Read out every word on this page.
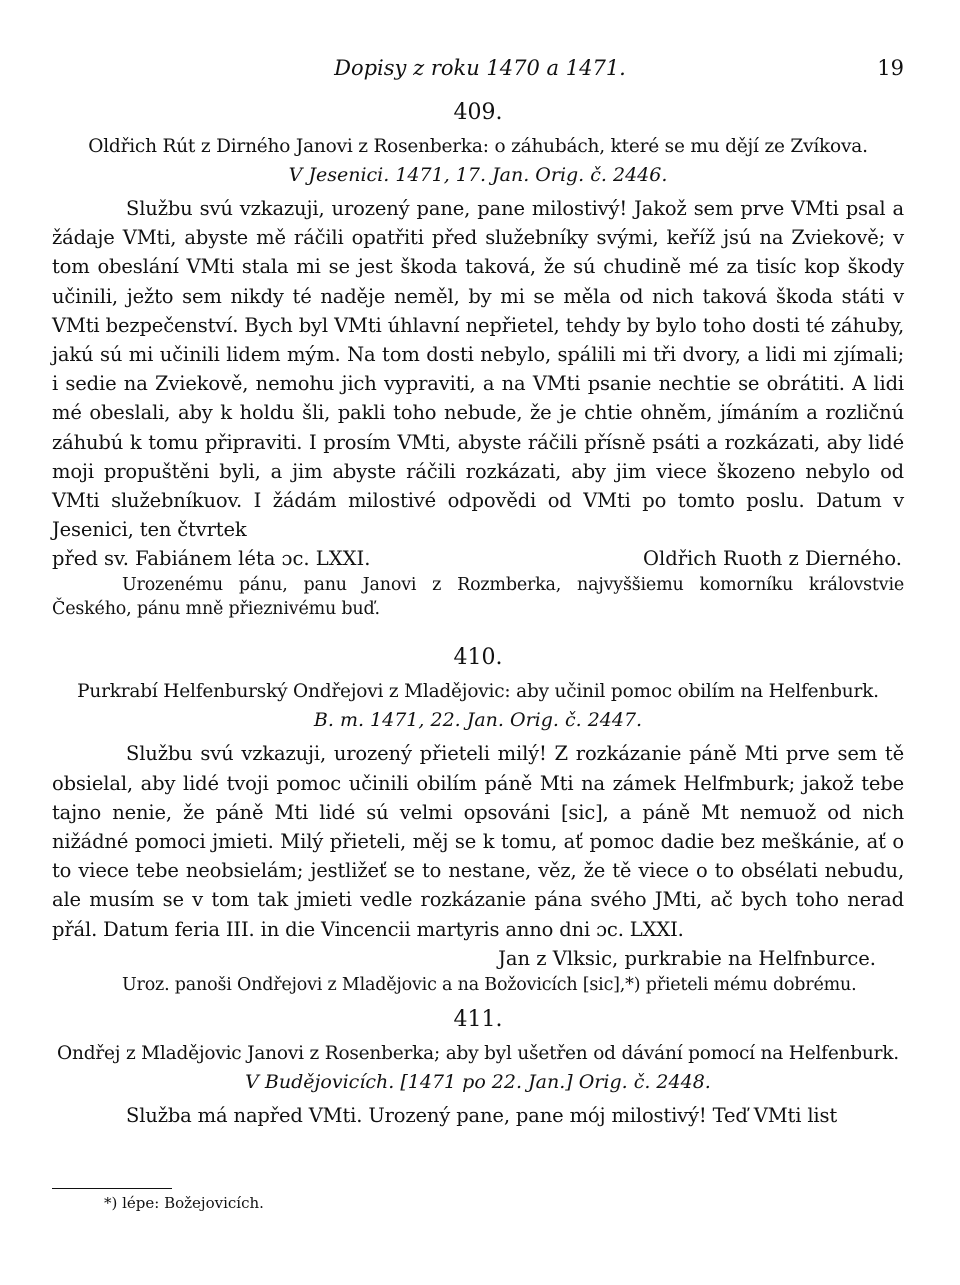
Dopisy z roku 1470 a 1471.	19
409.
Oldřich Rút z Dirného Janovi z Rosenberka: o záhubách, které se mu dějí ze Zvíkova.
V Jesenici. 1471, 17. Jan. Orig. č. 2446.
Službu svú vzkazuji, urozený pane, pane milostivý! Jakož sem prve VMti psal a žádaje VMti, abyste mě ráčili opatřiti před služebníky svými, keříž jsú na Zviekově; v tom obeslání VMti stala mi se jest škoda taková, že sú chudině mé za tisíc kop škody učinili, ježto sem nikdy té naděje neměl, by mi se měla od nich taková škoda státi v VMti bezpečenství. Bych byl VMti úhlavní nepřietel, tehdy by bylo toho dosti té záhuby, jakú sú mi učinili lidem mým. Na tom dosti nebylo, spálili mi tři dvory, a lidi mi zjímali; i sedie na Zviekově, nemohu jich vypraviti, a na VMti psanie nechtie se obrátiti. A lidi mé obeslali, aby k holdu šli, pakli toho nebude, že je chtie ohněm, jímáním a rozličnú záhubú k tomu připraviti. I prosím VMti, abyste ráčili přísně psáti a rozkázati, aby lidé moji propuštěni byli, a jim abyste ráčili rozkázati, aby jim viece škozeno nebylo od VMti služebníkuov. I žádám milostivé odpovědi od VMti po tomto poslu. Datum v Jesenici, ten čtvrtek
před sv. Fabiánem léta ɔc. LXXI.	Oldřich Ruoth z Dierného.
Urozenému pánu, panu Janovi z Rozmberka, najvyššiemu komorníku královstvie Českého, pánu mně přieznivému buď.
410.
Purkrabí Helfenburský Ondřejovi z Mladějovic: aby učinil pomoc obilím na Helfenburk.
B. m. 1471, 22. Jan. Orig. č. 2447.
Službu svú vzkazuji, urozený přieteli milý! Z rozkázanie páně Mti prve sem tě obsielal, aby lidé tvoji pomoc učinili obilím páně Mti na zámek Helfmburk; jakož tebe tajno nenie, že páně Mti lidé sú velmi opsováni [sic], a páně Mt nemuož od nich nižádné pomoci jmieti. Milý přieteli, měj se k tomu, ať pomoc dadie bez meškánie, ať o to viece tebe neobsielám; jestližeť se to nestane, věz, že tě viece o to obsélati nebudu, ale musím se v tom tak jmieti vedle rozkázanie pána svého JMti, ač bych toho nerad přál. Datum feria III. in die Vincencii martyris anno dni ɔc. LXXI.
Jan z Vlksic, purkrabie na Helfnburce.
Uroz. panoši Ondřejovi z Mladějovic a na Božovicích [sic],*) přieteli mému dobrému.
411.
Ondřej z Mladějovic Janovi z Rosenberka; aby byl ušetřen od dávání pomocí na Helfenburk.
V Budějovicích. [1471 po 22. Jan.] Orig. č. 2448.
Služba má napřed VMti. Urozený pane, pane mój milostivý! Teď VMti list
*) lépe: Božejovicích.
